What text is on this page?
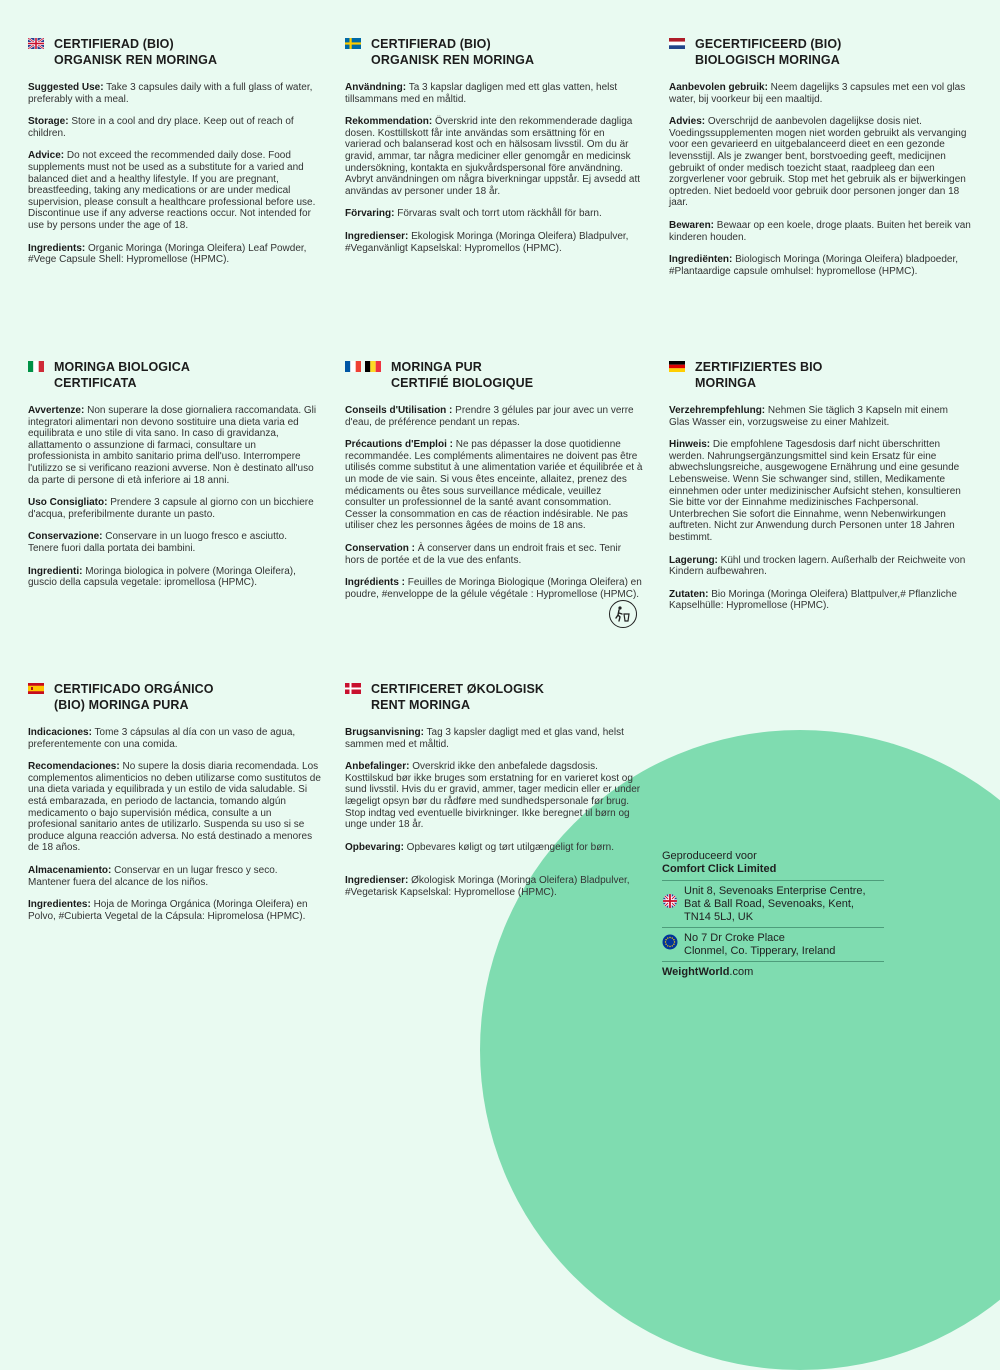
CERTIFIERAD (BIO)
ORGANISK REN MORINGA

Suggested Use: Take 3 capsules daily with a full glass of water, preferably with a meal.

Storage: Store in a cool and dry place. Keep out of reach of children.

Advice: Do not exceed the recommended daily dose. Food supplements must not be used as a substitute for a varied and balanced diet and a healthy lifestyle. If you are pregnant, breastfeeding, taking any medications or are under medical supervision, please consult a healthcare professional before use. Discontinue use if any adverse reactions occur. Not intended for use by persons under the age of 18.

Ingredients: Organic Moringa (Moringa Oleifera) Leaf Powder, #Vege Capsule Shell: Hypromellose (HPMC).

CERTIFIERAD (BIO)
ORGANISK REN MORINGA

Användning: Ta 3 kapslar dagligen med ett glas vatten, helst tillsammans med en måltid.

Rekommendation: Överskrid inte den rekommenderade dagliga dosen. Kosttillskott får inte användas som ersättning för en varierad och balanserad kost och en hälsosam livsstil. Om du är gravid, ammar, tar några mediciner eller genomgår en medicinsk undersökning, kontakta en sjukvårdspersonal före användning. Avbryt användningen om några biverkningar uppstår. Ej avsedd att användas av personer under 18 år.

Förvaring: Förvaras svalt och torrt utom räckhåll för barn.

Ingredienser: Ekologisk Moringa (Moringa Oleifera) Bladpulver, #Veganvänligt Kapselskal: Hypromellos (HPMC).

GECERTIFICEERD (BIO)
BIOLOGISCH MORINGA

Aanbevolen gebruik: Neem dagelijks 3 capsules met een vol glas water, bij voorkeur bij een maaltijd.

Advies: Overschrijd de aanbevolen dagelijkse dosis niet. Voedingssupplementen mogen niet worden gebruikt als vervanging voor een gevarieerd en uitgebalanceerd dieet en een gezonde levensstijl. Als je zwanger bent, borstvoeding geeft, medicijnen gebruikt of onder medisch toezicht staat, raadpleeg dan een zorgverlener voor gebruik. Stop met het gebruik als er bijwerkingen optreden. Niet bedoeld voor gebruik door personen jonger dan 18 jaar.

Bewaren: Bewaar op een koele, droge plaats. Buiten het bereik van kinderen houden.

Ingrediënten: Biologisch Moringa (Moringa Oleifera) bladpoeder, #Plantaardige capsule omhulsel: hypromellose (HPMC).

MORINGA BIOLOGICA
CERTIFICATA

Avvertenze: Non superare la dose giornaliera raccomandata. Gli integratori alimentari non devono sostituire una dieta varia ed equilibrata e uno stile di vita sano. In caso di gravidanza, allattamento o assunzione di farmaci, consultare un professionista in ambito sanitario prima dell'uso. Interrompere l'utilizzo se si verificano reazioni avverse. Non è destinato all'uso da parte di persone di età inferiore ai 18 anni.

Uso Consigliato: Prendere 3 capsule al giorno con un bicchiere d'acqua, preferibilmente durante un pasto.

Conservazione: Conservare in un luogo fresco e asciutto. Tenere fuori dalla portata dei bambini.

Ingredienti: Moringa biologica in polvere (Moringa Oleifera), guscio della capsula vegetale: ipromellosa (HPMC).

MORINGA PUR
CERTIFIÉ BIOLOGIQUE

Conseils d'Utilisation : Prendre 3 gélules par jour avec un verre d'eau, de préférence pendant un repas.

Précautions d'Emploi : Ne pas dépasser la dose quotidienne recommandée. Les compléments alimentaires ne doivent pas être utilisés comme substitut à une alimentation variée et équilibrée et à un mode de vie sain. Si vous êtes enceinte, allaitez, prenez des médicaments ou êtes sous surveillance médicale, veuillez consulter un professionnel de la santé avant consommation. Cesser la consommation en cas de réaction indésirable. Ne pas utiliser chez les personnes âgées de moins de 18 ans.

Conservation : À conserver dans un endroit frais et sec. Tenir hors de portée et de la vue des enfants.

Ingrédients : Feuilles de Moringa Biologique (Moringa Oleifera) en poudre, #enveloppe de la gélule végétale : Hypromellose (HPMC).

ZERTIFIZIERTES BIO
MORINGA

Verzehrempfehlung: Nehmen Sie täglich 3 Kapseln mit einem Glas Wasser ein, vorzugsweise zu einer Mahlzeit.

Hinweis: Die empfohlene Tagesdosis darf nicht überschritten werden. Nahrungsergänzungsmittel sind kein Ersatz für eine abwechslungsreiche, ausgewogene Ernährung und eine gesunde Lebensweise. Wenn Sie schwanger sind, stillen, Medikamente einnehmen oder unter medizinischer Aufsicht stehen, konsultieren Sie bitte vor der Einnahme medizinisches Fachpersonal. Unterbrechen Sie sofort die Einnahme, wenn Nebenwirkungen auftreten. Nicht zur Anwendung durch Personen unter 18 Jahren bestimmt.

Lagerung: Kühl und trocken lagern. Außerhalb der Reichweite von Kindern aufbewahren.

Zutaten: Bio Moringa (Moringa Oleifera) Blattpulver,# Pflanzliche Kapselhülle: Hypromellose (HPMC).

CERTIFICADO ORGÁNICO
(BIO) MORINGA PURA

Indicaciones: Tome 3 cápsulas al día con un vaso de agua, preferentemente con una comida.

Recomendaciones: No supere la dosis diaria recomendada. Los complementos alimenticios no deben utilizarse como sustitutos de una dieta variada y equilibrada y un estilo de vida saludable. Si está embarazada, en periodo de lactancia, tomando algún medicamento o bajo supervisión médica, consulte a un profesional sanitario antes de utilizarlo. Suspenda su uso si se produce alguna reacción adversa. No está destinado a menores de 18 años.

Almacenamiento: Conservar en un lugar fresco y seco. Mantener fuera del alcance de los niños.

Ingredientes: Hoja de Moringa Orgánica (Moringa Oleifera) en Polvo, #Cubierta Vegetal de la Cápsula: Hipromelosa (HPMC).

CERTIFICERET ØKOLOGISK
RENT MORINGA

Brugsanvisning: Tag 3 kapsler dagligt med et glas vand, helst sammen med et måltid.

Anbefalinger: Overskrid ikke den anbefalede dagsdosis. Kosttilskud bør ikke bruges som erstatning for en varieret kost og sund livsstil. Hvis du er gravid, ammer, tager medicin eller er under lægeligt opsyn bør du rådføre med sundhedspersonale før brug. Stop indtag ved eventuelle bivirkninger. Ikke beregnet til børn og unge under 18 år.

Opbevaring: Opbevares køligt og tørt utilgængeligt for børn.

Ingredienser: Økologisk Moringa (Moringa Oleifera) Bladpulver, #Vegetarisk Kapselskal: Hypromellose (HPMC).

Geproduceerd voor
Comfort Click Limited
Unit 8, Sevenoaks Enterprise Centre,
Bat & Ball Road, Sevenoaks, Kent,
TN14 5LJ, UK
No 7 Dr Croke Place
Clonmel, Co. Tipperary, Ireland
WeightWorld.com
